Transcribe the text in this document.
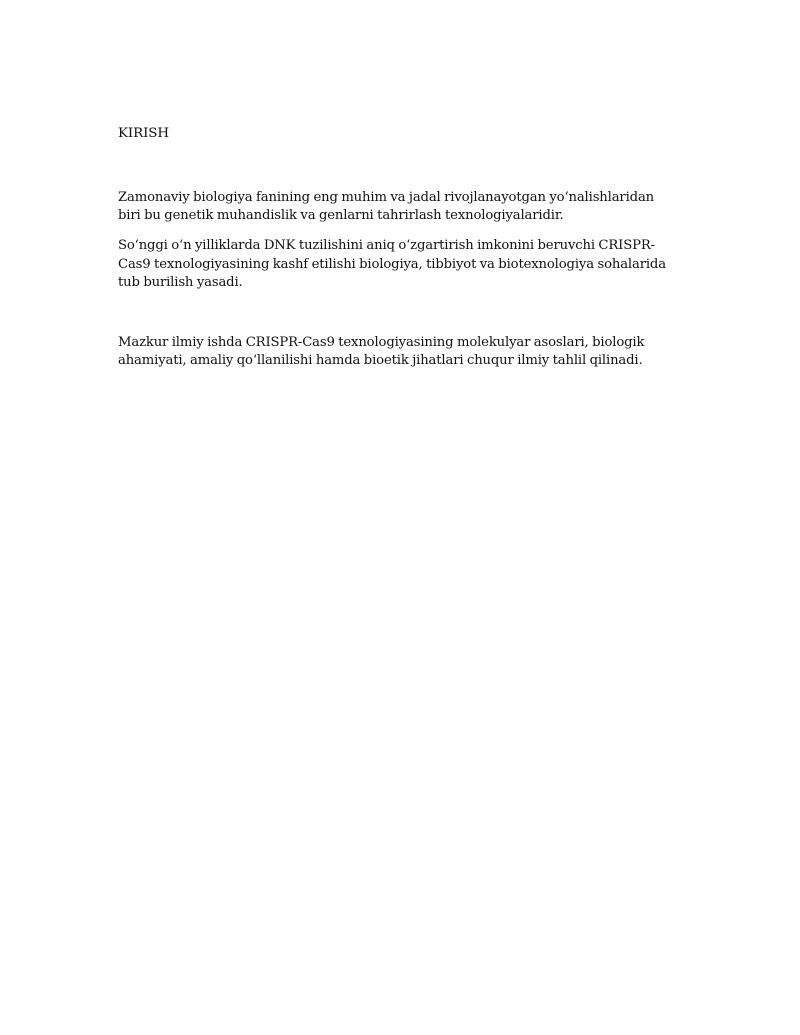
KIRISH

Zamonaviy biologiya fanining eng muhim va jadal rivojlanayotgan yo‘nalishlaridan biri bu genetik muhandislik va genlarni tahrirlash texnologiyalaridir.

So‘nggi o‘n yilliklarda DNK tuzilishini aniq o‘zgartirish imkonini beruvchi CRISPR-Cas9 texnologiyasining kashf etilishi biologiya, tibbiyot va biotexnologiya sohalarida tub burilish yasadi.

Mazkur ilmiy ishda CRISPR-Cas9 texnologiyasining molekulyar asoslari, biologik ahamiyati, amaliy qo‘llanilishi hamda bioetik jihatlari chuqur ilmiy tahlil qilinadi.
